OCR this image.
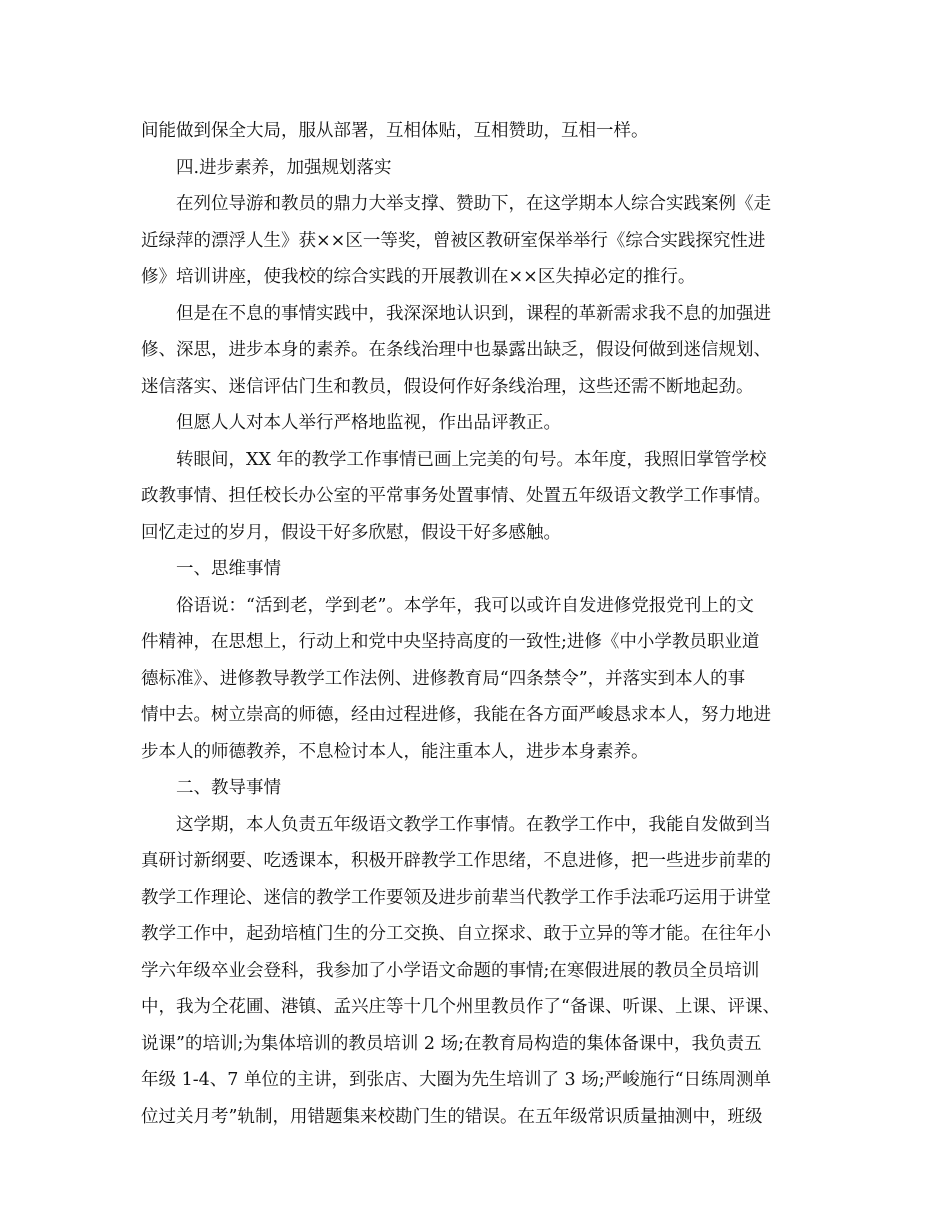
间能做到保全大局，服从部署，互相体贴，互相赞助，互相一样。
四.进步素养，加强规划落实
在列位导游和教员的鼎力大举支撑、赞助下，在这学期本人综合实践案例《走
近绿萍的漂浮人生》获××区一等奖，曾被区教研室保举举行《综合实践探究性进
修》培训讲座，使我校的综合实践的开展教训在××区失掉必定的推行。
但是在不息的事情实践中，我深深地认识到，课程的革新需求我不息的加强进
修、深思，进步本身的素养。在条线治理中也暴露出缺乏，假设何做到迷信规划、
迷信落实、迷信评估门生和教员，假设何作好条线治理，这些还需不断地起劲。
但愿人人对本人举行严格地监视，作出品评教正。
转眼间，XX 年的教学工作事情已画上完美的句号。本年度，我照旧掌管学校
政教事情、担任校长办公室的平常事务处置事情、处置五年级语文教学工作事情。
回忆走过的岁月，假设干好多欣慰，假设干好多感触。
一、思维事情
俗语说：“活到老，学到老”。本学年，我可以或许自发进修党报党刊上的文
件精神，在思想上，行动上和党中央坚持高度的一致性;进修《中小学教员职业道
德标准》、进修教导教学工作法例、进修教育局“四条禁令”，并落实到本人的事
情中去。树立崇高的师德，经由过程进修，我能在各方面严峻恳求本人，努力地进
步本人的师德教养，不息检讨本人，能注重本人，进步本身素养。
二、教导事情
这学期，本人负责五年级语文教学工作事情。在教学工作中，我能自发做到当
真研讨新纲要、吃透课本，积极开辟教学工作思绪，不息进修，把一些进步前辈的
教学工作理论、迷信的教学工作要领及进步前辈当代教学工作手法乖巧运用于讲堂
教学工作中，起劲培植门生的分工交换、自立探求、敢于立异的等才能。在往年小
学六年级卒业会登科，我参加了小学语文命题的事情;在寒假进展的教员全员培训
中，我为仝花圃、港镇、孟兴庄等十几个州里教员作了“备课、听课、上课、评课、
说课”的培训;为集体培训的教员培训 2 场;在教育局构造的集体备课中，我负责五
年级 1-4、7 单位的主讲，到张店、大圈为先生培训了 3 场;严峻施行“日练周测单
位过关月考”轨制，用错题集来校勘门生的错误。在五年级常识质量抽测中，班级
